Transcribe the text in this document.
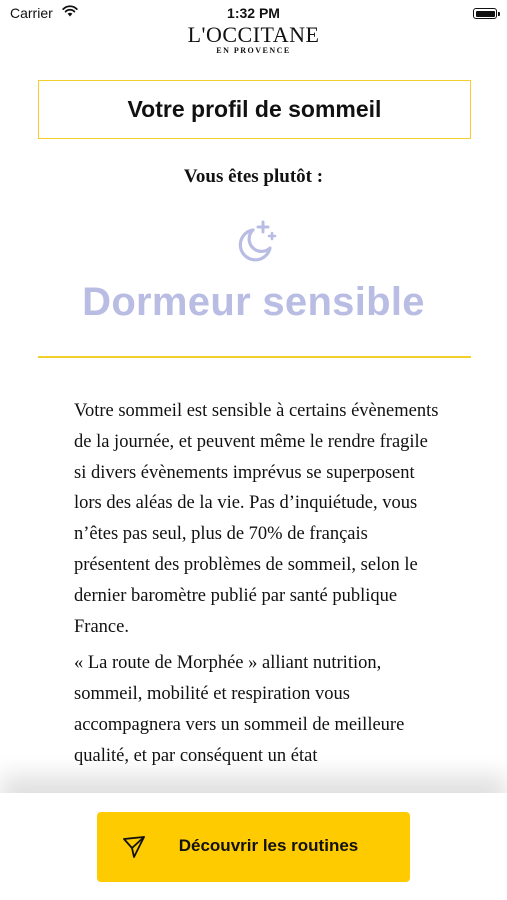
Carrier	1:32 PM
L'OCCITANE
EN PROVENCE
Votre profil de sommeil
Vous êtes plutôt :
Dormeur sensible

Votre sommeil est sensible à certains évènements de la journée, et peuvent même le rendre fragile si divers évènements imprévus se superposent lors des aléas de la vie. Pas d’inquiétude, vous n’êtes pas seul, plus de 70% de français présentent des problèmes de sommeil, selon le dernier baromètre publié par santé publique France.

« La route de Morphée » alliant nutrition, sommeil, mobilité et respiration vous accompagnera vers un sommeil de meilleure qualité, et par conséquent un état

Découvrir les routines
